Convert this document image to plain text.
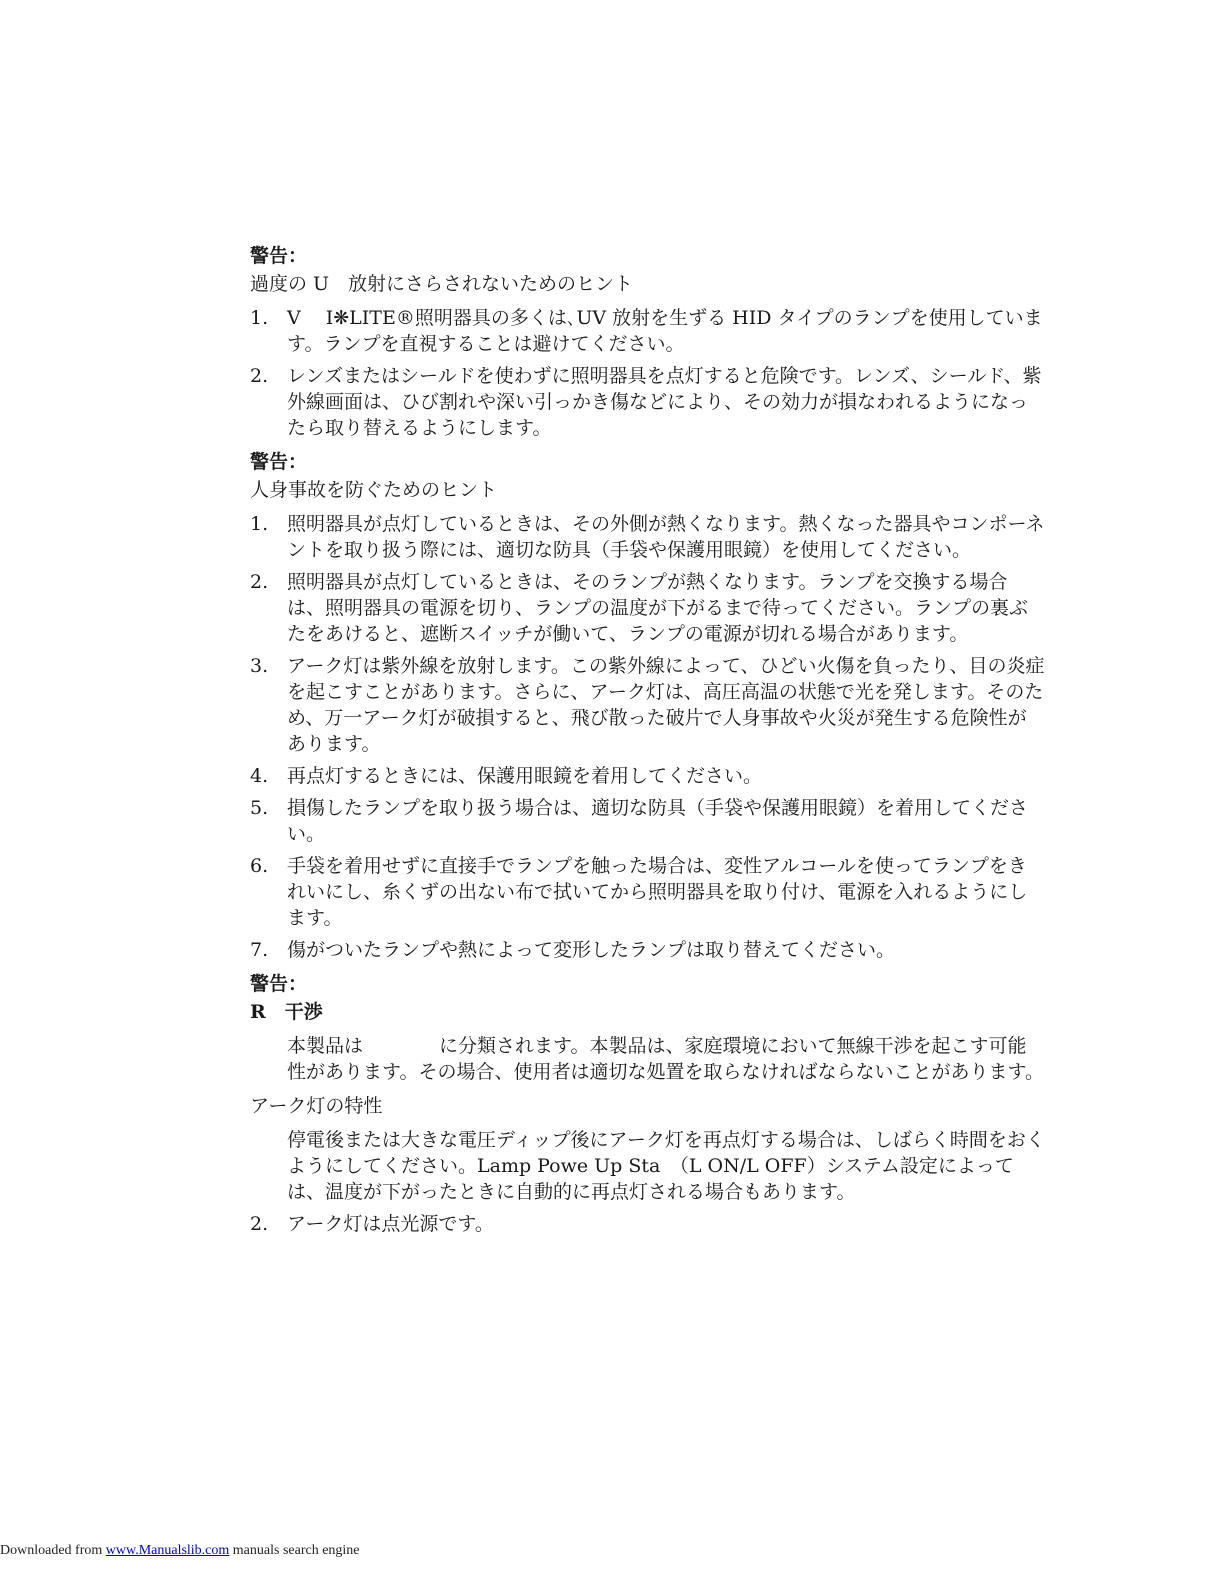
警告：

過度の U　放射にさらされないためのヒント

1. V　 I❋LITE®照明器具の多くは､UV 放射を生ずる HID タイプのランプを使用しています。ランプを直視することは避けてください。
2. レンズまたはシールドを使わずに照明器具を点灯すると危険です。レンズ、シールド、紫外線画面は、ひび割れや深い引っかき傷などにより、その効力が損なわれるようになったら取り替えるようにします。

警告：

人身事故を防ぐためのヒント

1. 照明器具が点灯しているときは、その外側が熱くなります。熱くなった器具やコンポーネントを取り扱う際には、適切な防具（手袋や保護用眼鏡）を使用してください。
2. 照明器具が点灯しているときは、そのランプが熱くなります。ランプを交換する場合は、照明器具の電源を切り、ランプの温度が下がるまで待ってください。ランプの裏ぶたをあけると、遮断スイッチが働いて、ランプの電源が切れる場合があります。
3. アーク灯は紫外線を放射します。この紫外線によって、ひどい火傷を負ったり、目の炎症を起こすことがあります。さらに、アーク灯は、高圧高温の状態で光を発します。そのため、万一アーク灯が破損すると、飛び散った破片で人身事故や火災が発生する危険性があります。
4. 再点灯するときには、保護用眼鏡を着用してください。
5. 損傷したランプを取り扱う場合は、適切な防具（手袋や保護用眼鏡）を着用してください。
6. 手袋を着用せずに直接手でランプを触った場合は、変性アルコールを使ってランプをきれいにし、糸くずの出ない布で拭いてから照明器具を取り付け、電源を入れるようにします。
7. 傷がついたランプや熱によって変形したランプは取り替えてください。

警告：

R　干渉

本製品は　　　　に分類されます。本製品は、家庭環境において無線干渉を起こす可能性があります。その場合、使用者は適切な処置を取らなければならないことがあります。

アーク灯の特性

停電後または大きな電圧ディップ後にアーク灯を再点灯する場合は、しばらく時間をおくようにしてください。Lamp Powe Up Sta　（L ON/L OFF）システム設定によっては、温度が下がったときに自動的に再点灯される場合もあります。

2. アーク灯は点光源です。
Downloaded from www.Manualslib.com manuals search engine
